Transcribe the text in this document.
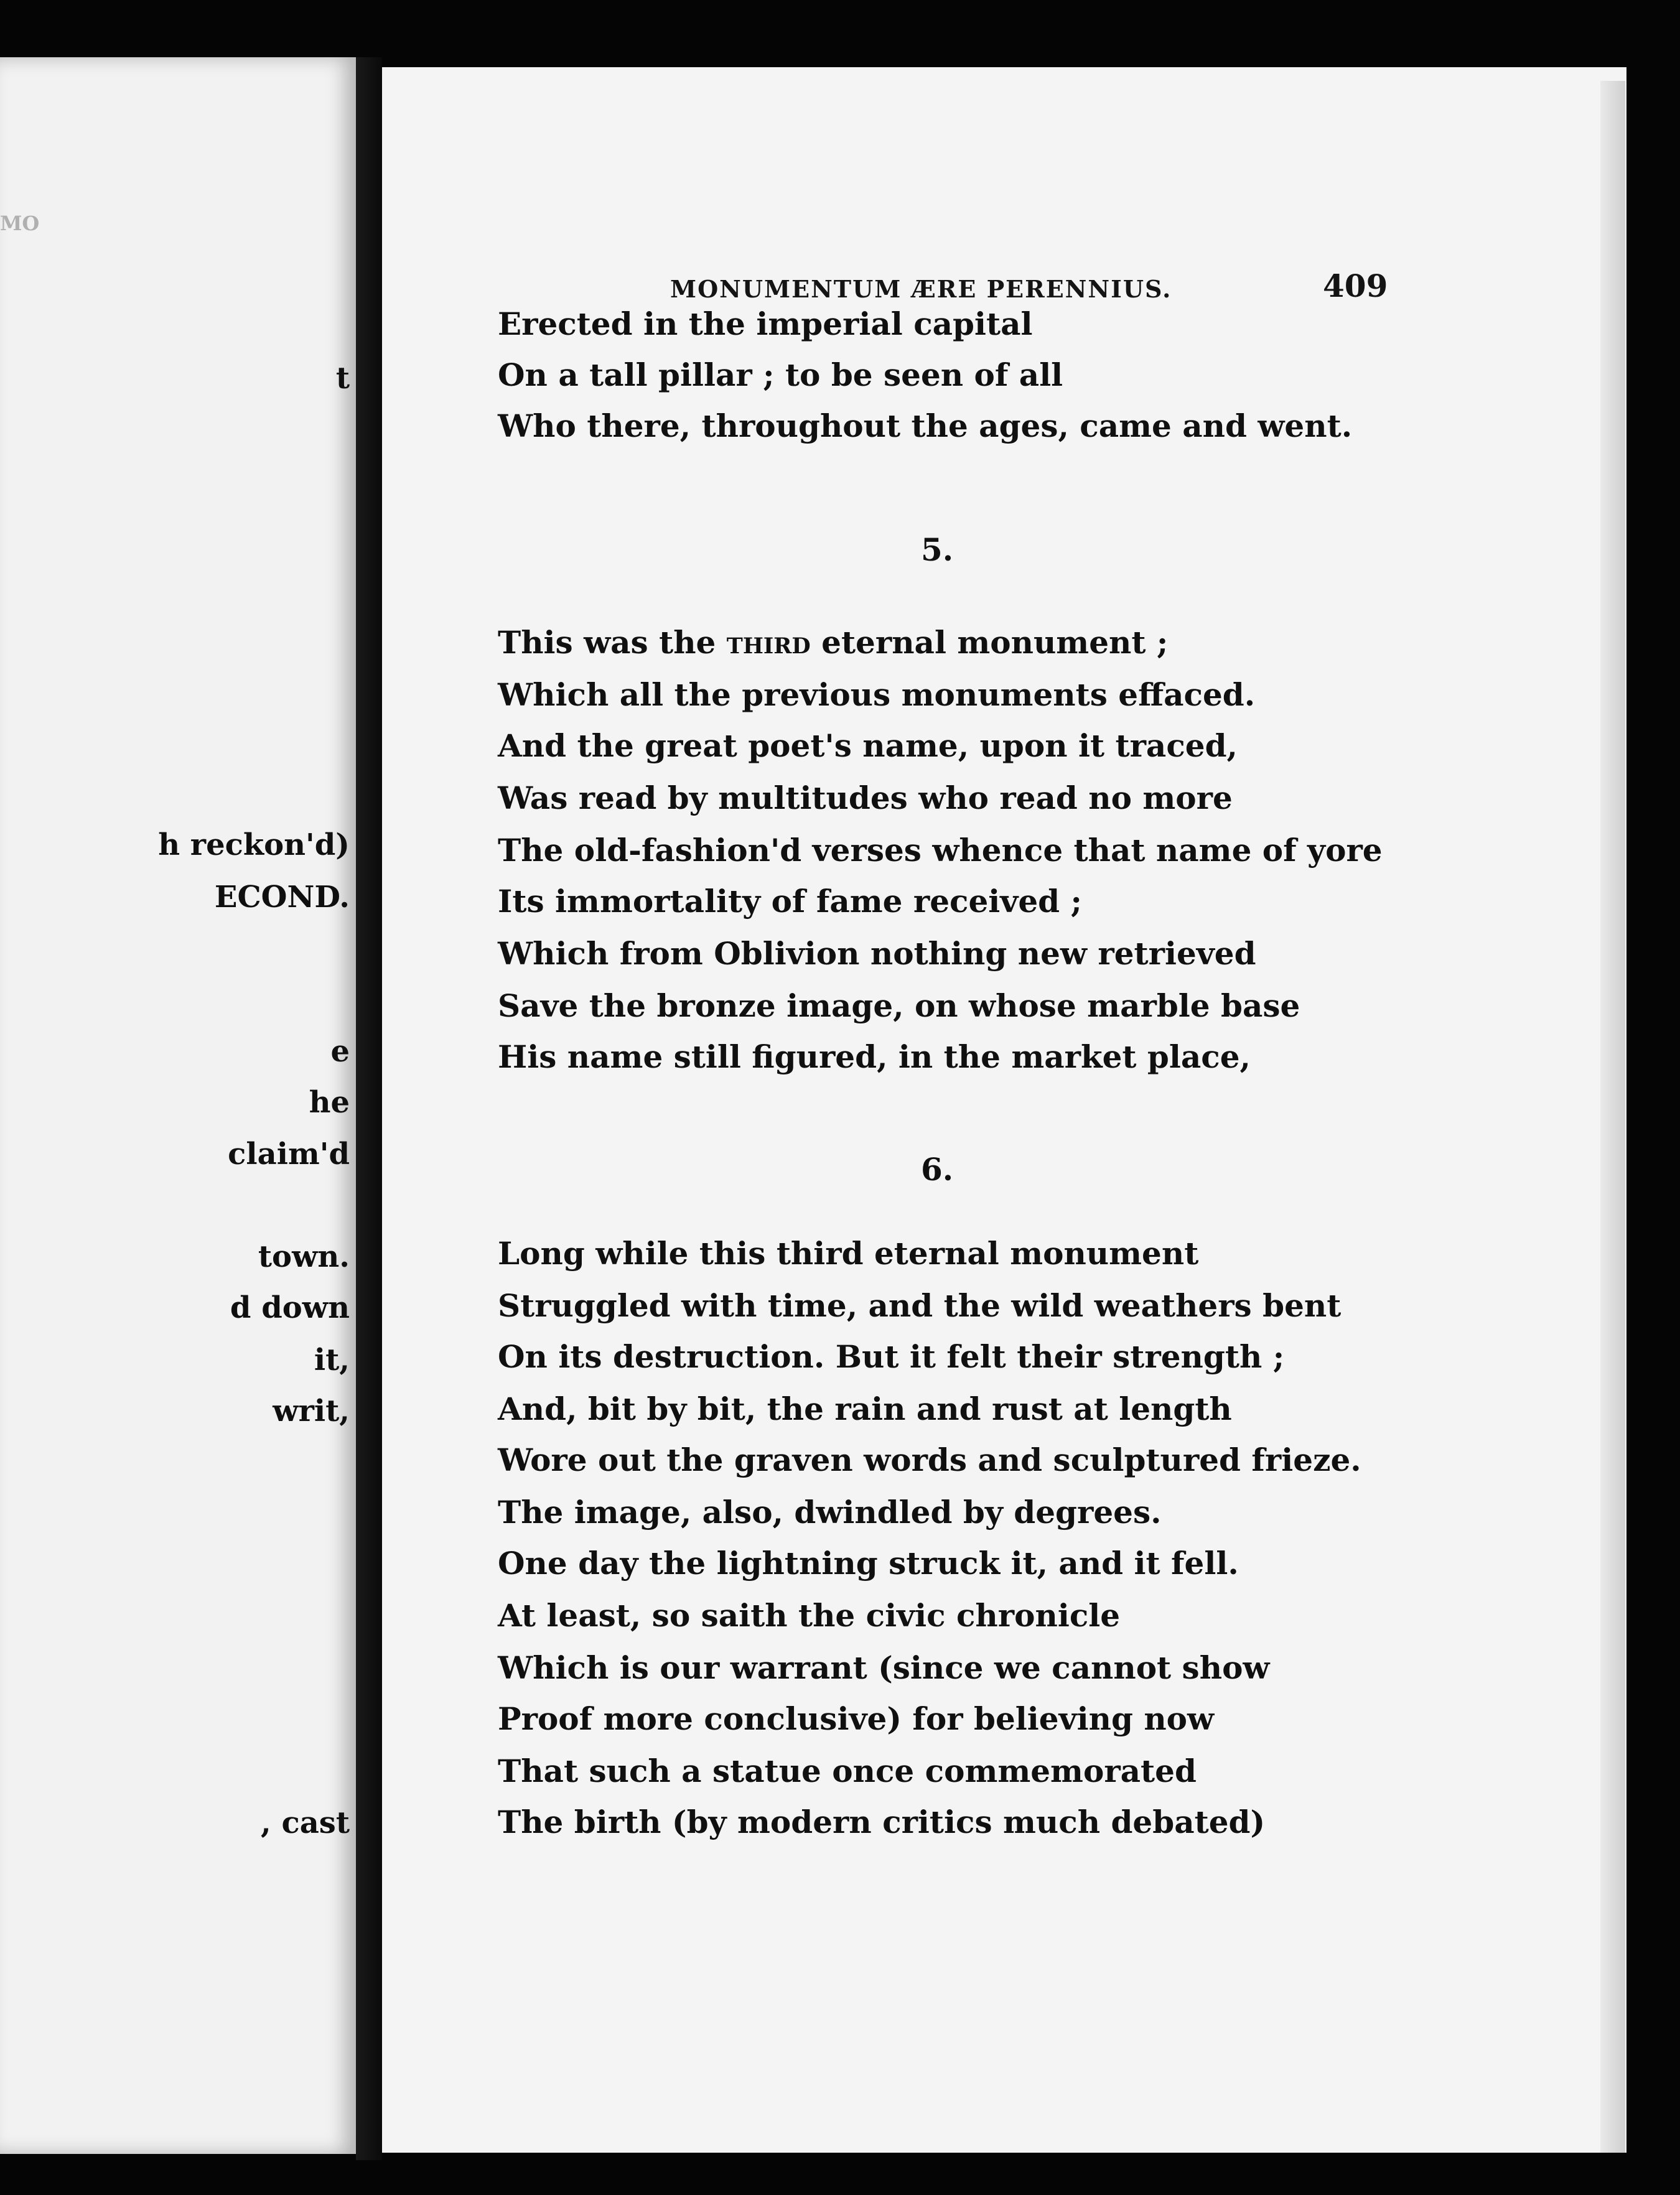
MO

t

h reckon'd)

ECOND.

e

he

claim'd

town.

d down

it,

writ,

, cast

MONUMENTUM ÆRE PERENNIUS.	409

Erected in the imperial capital

On a tall pillar ; to be seen of all

Who there, throughout the ages, came and went.

5.

This was the third eternal monument ;

Which all the previous monuments effaced.

And the great poet's name, upon it traced,

Was read by multitudes who read no more

The old-fashion'd verses whence that name of yore

Its immortality of fame received ;

Which from Oblivion nothing new retrieved

Save the bronze image, on whose marble base

His name still figured, in the market place,

6.

Long while this third eternal monument

Struggled with time, and the wild weathers bent

On its destruction. But it felt their strength ;

And, bit by bit, the rain and rust at length

Wore out the graven words and sculptured frieze.

The image, also, dwindled by degrees.

One day the lightning struck it, and it fell.

At least, so saith the civic chronicle

Which is our warrant (since we cannot show

Proof more conclusive) for believing now

That such a statue once commemorated

The birth (by modern critics much debated)
